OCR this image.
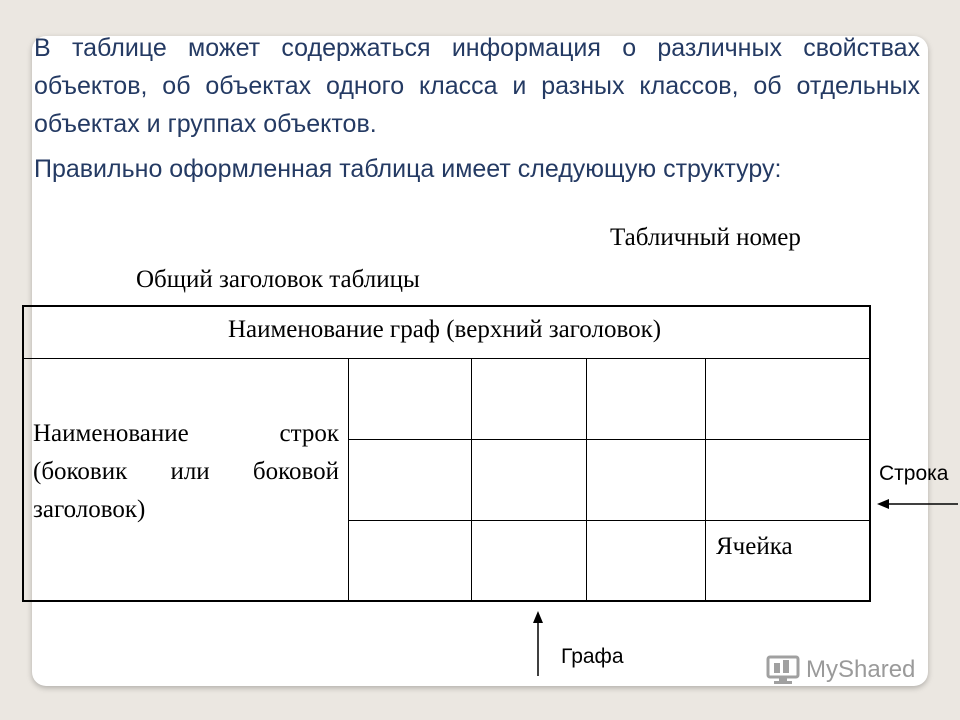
В таблице может содержаться информация о различных свойствах объектов, об объектах одного класса и разных классов, об отдельных объектах и группах объектов.

Правильно оформленная таблица имеет следующую структуру:

Табличный номер
Общий заголовок таблицы
Наименование граф (верхний заголовок)
Наименование строк (боковик или боковой заголовок)
Ячейка
Строка
Графа	MyShared
